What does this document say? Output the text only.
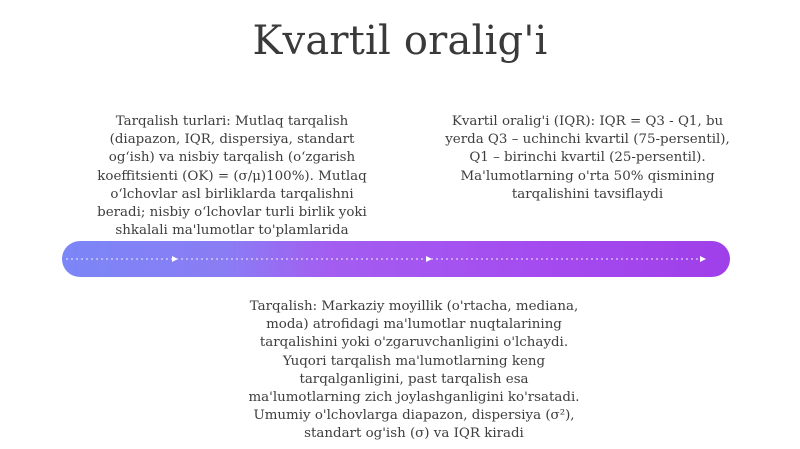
Kvartil oralig'i
Tarqalish turlari: Mutlaq tarqalish
(diapazon, IQR, dispersiya, standart
og‘ish) va nisbiy tarqalish (o‘zgarish
koeffitsienti (OK) = (σ/μ)100%). Mutlaq
o‘lchovlar asl birliklarda tarqalishni
beradi; nisbiy o‘lchovlar turli birlik yoki
shkalali ma'lumotlar to'plamlarida
Kvartil oralig'i (IQR): IQR = Q3 - Q1, bu
yerda Q3 – uchinchi kvartil (75-persentil),
Q1 – birinchi kvartil (25-persentil).
Ma'lumotlarning o'rta 50% qismining
tarqalishini tavsiflaydi
Tarqalish: Markaziy moyillik (o'rtacha, mediana,
moda) atrofidagi ma'lumotlar nuqtalarining
tarqalishini yoki o'zgaruvchanligini o'lchaydi.
Yuqori tarqalish ma'lumotlarning keng
tarqalganligini, past tarqalish esa
ma'lumotlarning zich joylashganligini ko'rsatadi.
Umumiy o'lchovlarga diapazon, dispersiya (σ²),
standart og'ish (σ) va IQR kiradi
